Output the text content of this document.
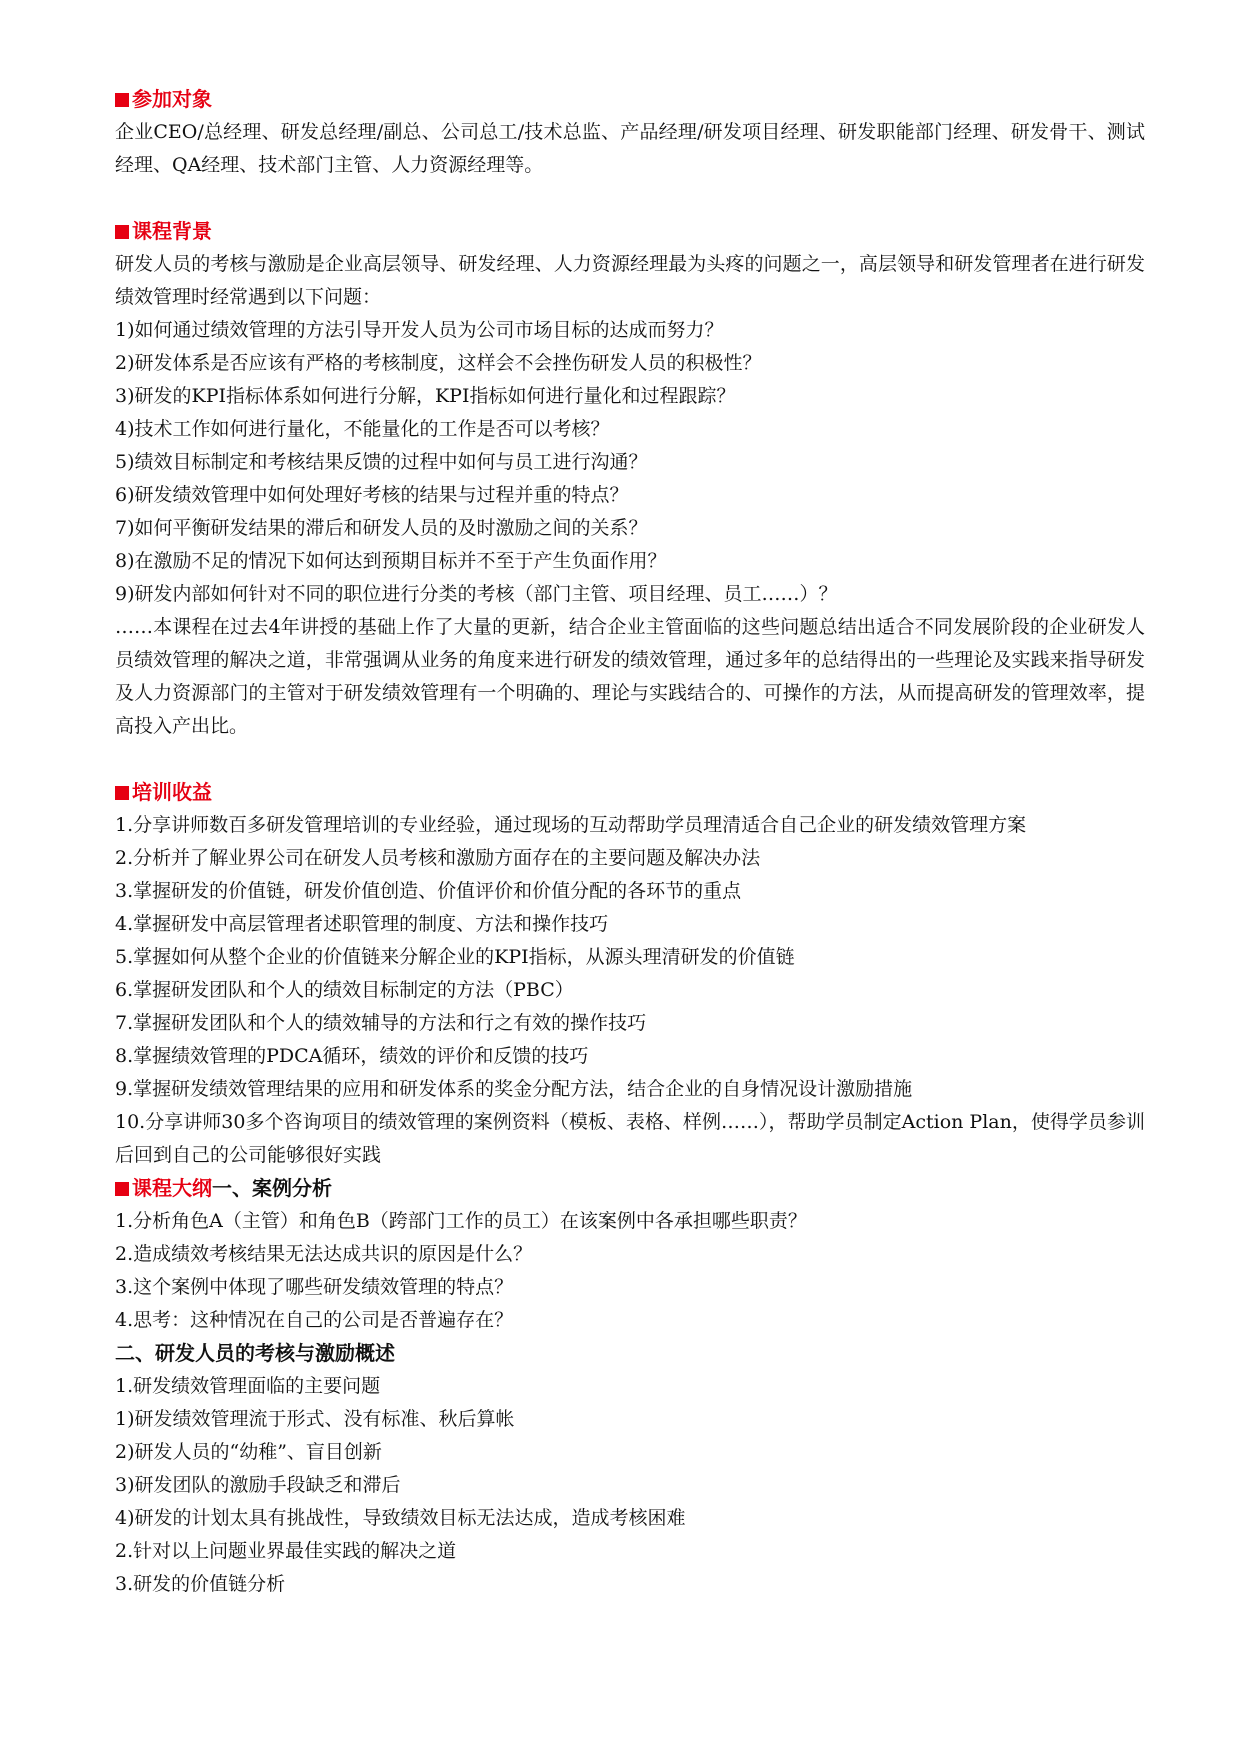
参加对象

企业CEO/总经理、研发总经理/副总、公司总工/技术总监、产品经理/研发项目经理、研发职能部门经理、研发骨干、测试经理、QA经理、技术部门主管、人力资源经理等。

课程背景

研发人员的考核与激励是企业高层领导、研发经理、人力资源经理最为头疼的问题之一，高层领导和研发管理者在进行研发绩效管理时经常遇到以下问题：

1)如何通过绩效管理的方法引导开发人员为公司市场目标的达成而努力？

2)研发体系是否应该有严格的考核制度，这样会不会挫伤研发人员的积极性？

3)研发的KPI指标体系如何进行分解，KPI指标如何进行量化和过程跟踪？

4)技术工作如何进行量化，不能量化的工作是否可以考核？

5)绩效目标制定和考核结果反馈的过程中如何与员工进行沟通？

6)研发绩效管理中如何处理好考核的结果与过程并重的特点？

7)如何平衡研发结果的滞后和研发人员的及时激励之间的关系？

8)在激励不足的情况下如何达到预期目标并不至于产生负面作用？

9)研发内部如何针对不同的职位进行分类的考核（部门主管、项目经理、员工……）？

……本课程在过去4年讲授的基础上作了大量的更新，结合企业主管面临的这些问题总结出适合不同发展阶段的企业研发人员绩效管理的解决之道，非常强调从业务的角度来进行研发的绩效管理，通过多年的总结得出的一些理论及实践来指导研发及人力资源部门的主管对于研发绩效管理有一个明确的、理论与实践结合的、可操作的方法，从而提高研发的管理效率，提高投入产出比。

培训收益

1.分享讲师数百多研发管理培训的专业经验，通过现场的互动帮助学员理清适合自己企业的研发绩效管理方案

2.分析并了解业界公司在研发人员考核和激励方面存在的主要问题及解决办法

3.掌握研发的价值链，研发价值创造、价值评价和价值分配的各环节的重点

4.掌握研发中高层管理者述职管理的制度、方法和操作技巧

5.掌握如何从整个企业的价值链来分解企业的KPI指标，从源头理清研发的价值链

6.掌握研发团队和个人的绩效目标制定的方法（PBC）

7.掌握研发团队和个人的绩效辅导的方法和行之有效的操作技巧

8.掌握绩效管理的PDCA循环，绩效的评价和反馈的技巧

9.掌握研发绩效管理结果的应用和研发体系的奖金分配方法，结合企业的自身情况设计激励措施

10.分享讲师30多个咨询项目的绩效管理的案例资料（模板、表格、样例……），帮助学员制定Action Plan，使得学员参训后回到自己的公司能够很好实践

课程大纲一、案例分析

1.分析角色A（主管）和角色B（跨部门工作的员工）在该案例中各承担哪些职责？

2.造成绩效考核结果无法达成共识的原因是什么？

3.这个案例中体现了哪些研发绩效管理的特点？

4.思考：这种情况在自己的公司是否普遍存在？

二、研发人员的考核与激励概述

1.研发绩效管理面临的主要问题

1)研发绩效管理流于形式、没有标准、秋后算帐

2)研发人员的“幼稚”、盲目创新

3)研发团队的激励手段缺乏和滞后

4)研发的计划太具有挑战性，导致绩效目标无法达成，造成考核困难

2.针对以上问题业界最佳实践的解决之道

3.研发的价值链分析
